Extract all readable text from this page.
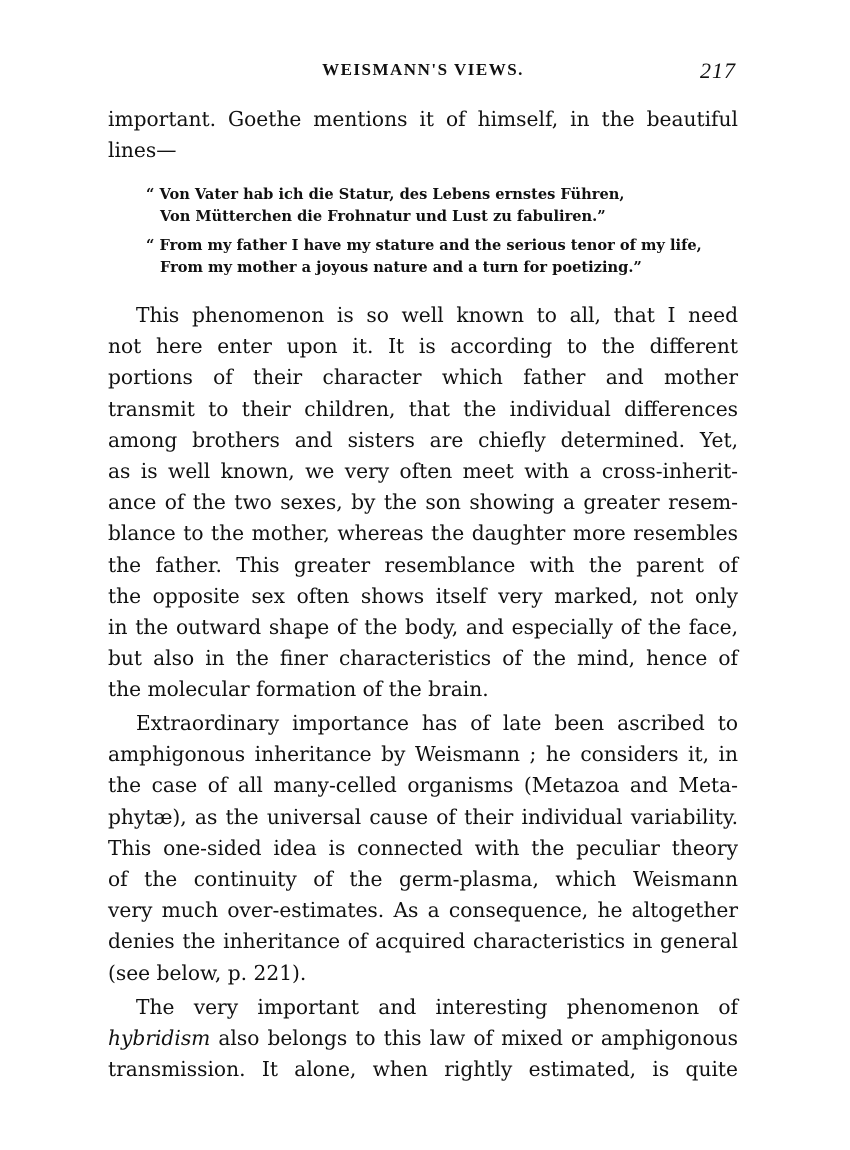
WEISMANN'S VIEWS.	217
important. Goethe mentions it of himself, in the beautiful
lines—
“ Von Vater hab ich die Statur, des Lebens ernstes Führen,
Von Mütterchen die Frohnatur und Lust zu fabuliren.”
“ From my father I have my stature and the serious tenor of my life,
From my mother a joyous nature and a turn for poetizing.”
This phenomenon is so well known to all, that I need
not here enter upon it. It is according to the different
portions of their character which father and mother
transmit to their children, that the individual differences
among brothers and sisters are chiefly determined. Yet,
as is well known, we very often meet with a cross-inherit-
ance of the two sexes, by the son showing a greater resem-
blance to the mother, whereas the daughter more resembles
the father. This greater resemblance with the parent of
the opposite sex often shows itself very marked, not only
in the outward shape of the body, and especially of the face,
but also in the finer characteristics of the mind, hence of
the molecular formation of the brain.
Extraordinary importance has of late been ascribed to
amphigonous inheritance by Weismann ; he considers it, in
the case of all many-celled organisms (Metazoa and Meta-
phytæ), as the universal cause of their individual variability.
This one-sided idea is connected with the peculiar theory
of the continuity of the germ-plasma, which Weismann
very much over-estimates. As a consequence, he altogether
denies the inheritance of acquired characteristics in general
(see below, p. 221).
The very important and interesting phenomenon of
hybridism also belongs to this law of mixed or amphigonous
transmission. It alone, when rightly estimated, is quite
